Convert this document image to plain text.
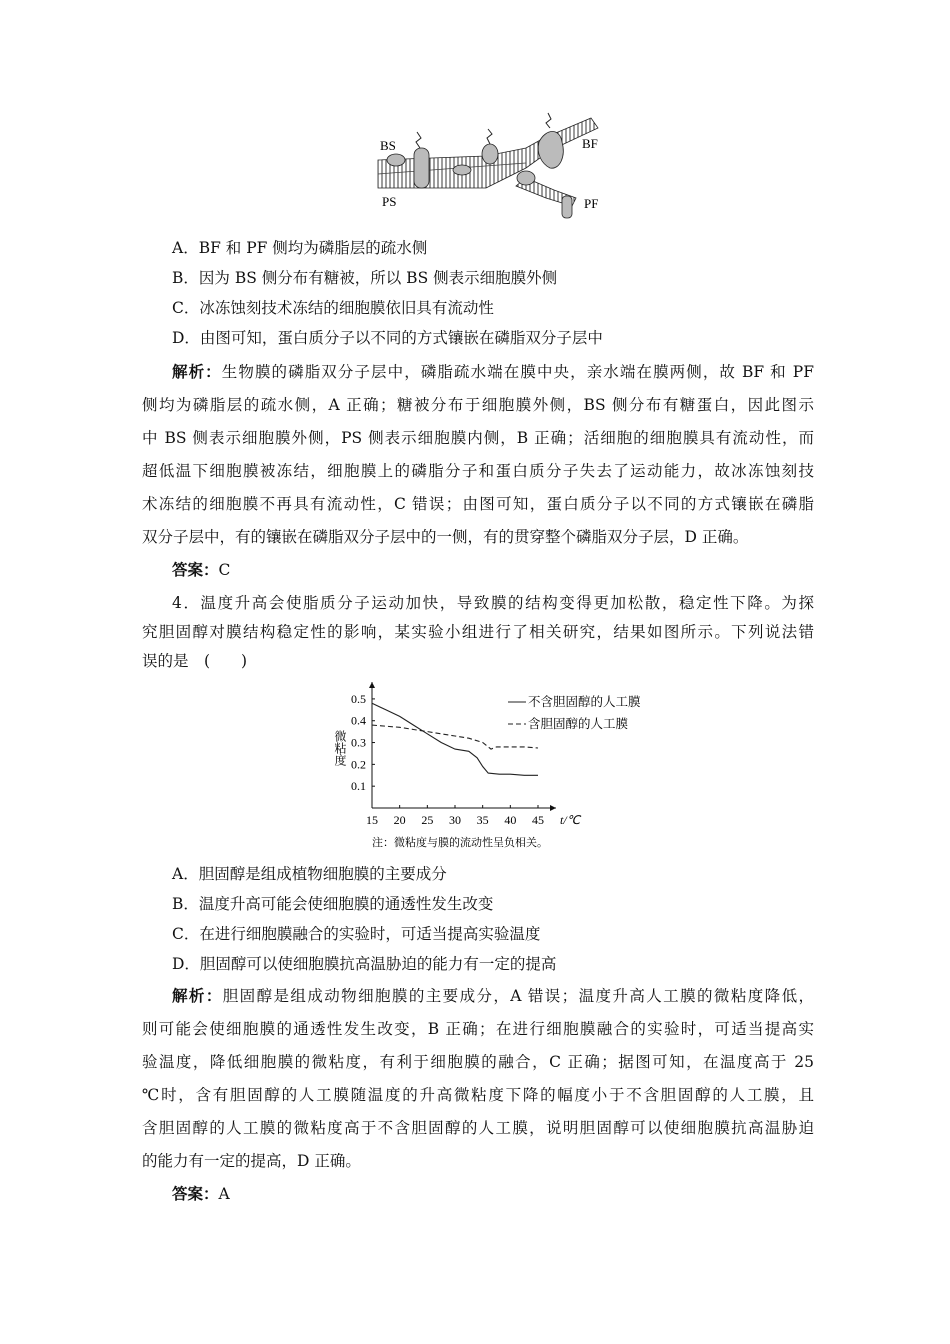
BS	BF
PS	PF
A．BF 和 PF 侧均为磷脂层的疏水侧
B．因为 BS 侧分布有糖被，所以 BS 侧表示细胞膜外侧
C．冰冻蚀刻技术冻结的细胞膜依旧具有流动性
D．由图可知，蛋白质分子以不同的方式镶嵌在磷脂双分子层中
解析：生物膜的磷脂双分子层中，磷脂疏水端在膜中央，亲水端在膜两侧，故 BF 和 PF
侧均为磷脂层的疏水侧，A 正确；糖被分布于细胞膜外侧，BS 侧分布有糖蛋白，因此图示
中 BS 侧表示细胞膜外侧，PS 侧表示细胞膜内侧，B 正确；活细胞的细胞膜具有流动性，而
超低温下细胞膜被冻结，细胞膜上的磷脂分子和蛋白质分子失去了运动能力，故冰冻蚀刻技
术冻结的细胞膜不再具有流动性，C 错误；由图可知，蛋白质分子以不同的方式镶嵌在磷脂
双分子层中，有的镶嵌在磷脂双分子层中的一侧，有的贯穿整个磷脂双分子层，D 正确。
答案：C
4．温度升高会使脂质分子运动加快，导致膜的结构变得更加松散，稳定性下降。为探
究胆固醇对膜结构稳定性的影响，某实验小组进行了相关研究，结果如图所示。下列说法错
误的是　(　　)
15 20 25 30 35 40 45
0.1
0.2
0.3
0.4
0.5
t/℃
微粘度
不含胆固醇的人工膜
含胆固醇的人工膜
注：微粘度与膜的流动性呈负相关。
A．胆固醇是组成植物细胞膜的主要成分
B．温度升高可能会使细胞膜的通透性发生改变
C．在进行细胞膜融合的实验时，可适当提高实验温度
D．胆固醇可以使细胞膜抗高温胁迫的能力有一定的提高
解析：胆固醇是组成动物细胞膜的主要成分，A 错误；温度升高人工膜的微粘度降低，
则可能会使细胞膜的通透性发生改变，B 正确；在进行细胞膜融合的实验时，可适当提高实
验温度，降低细胞膜的微粘度，有利于细胞膜的融合，C 正确；据图可知，在温度高于 25
℃时，含有胆固醇的人工膜随温度的升高微粘度下降的幅度小于不含胆固醇的人工膜，且
含胆固醇的人工膜的微粘度高于不含胆固醇的人工膜，说明胆固醇可以使细胞膜抗高温胁迫
的能力有一定的提高，D 正确。
答案：A
